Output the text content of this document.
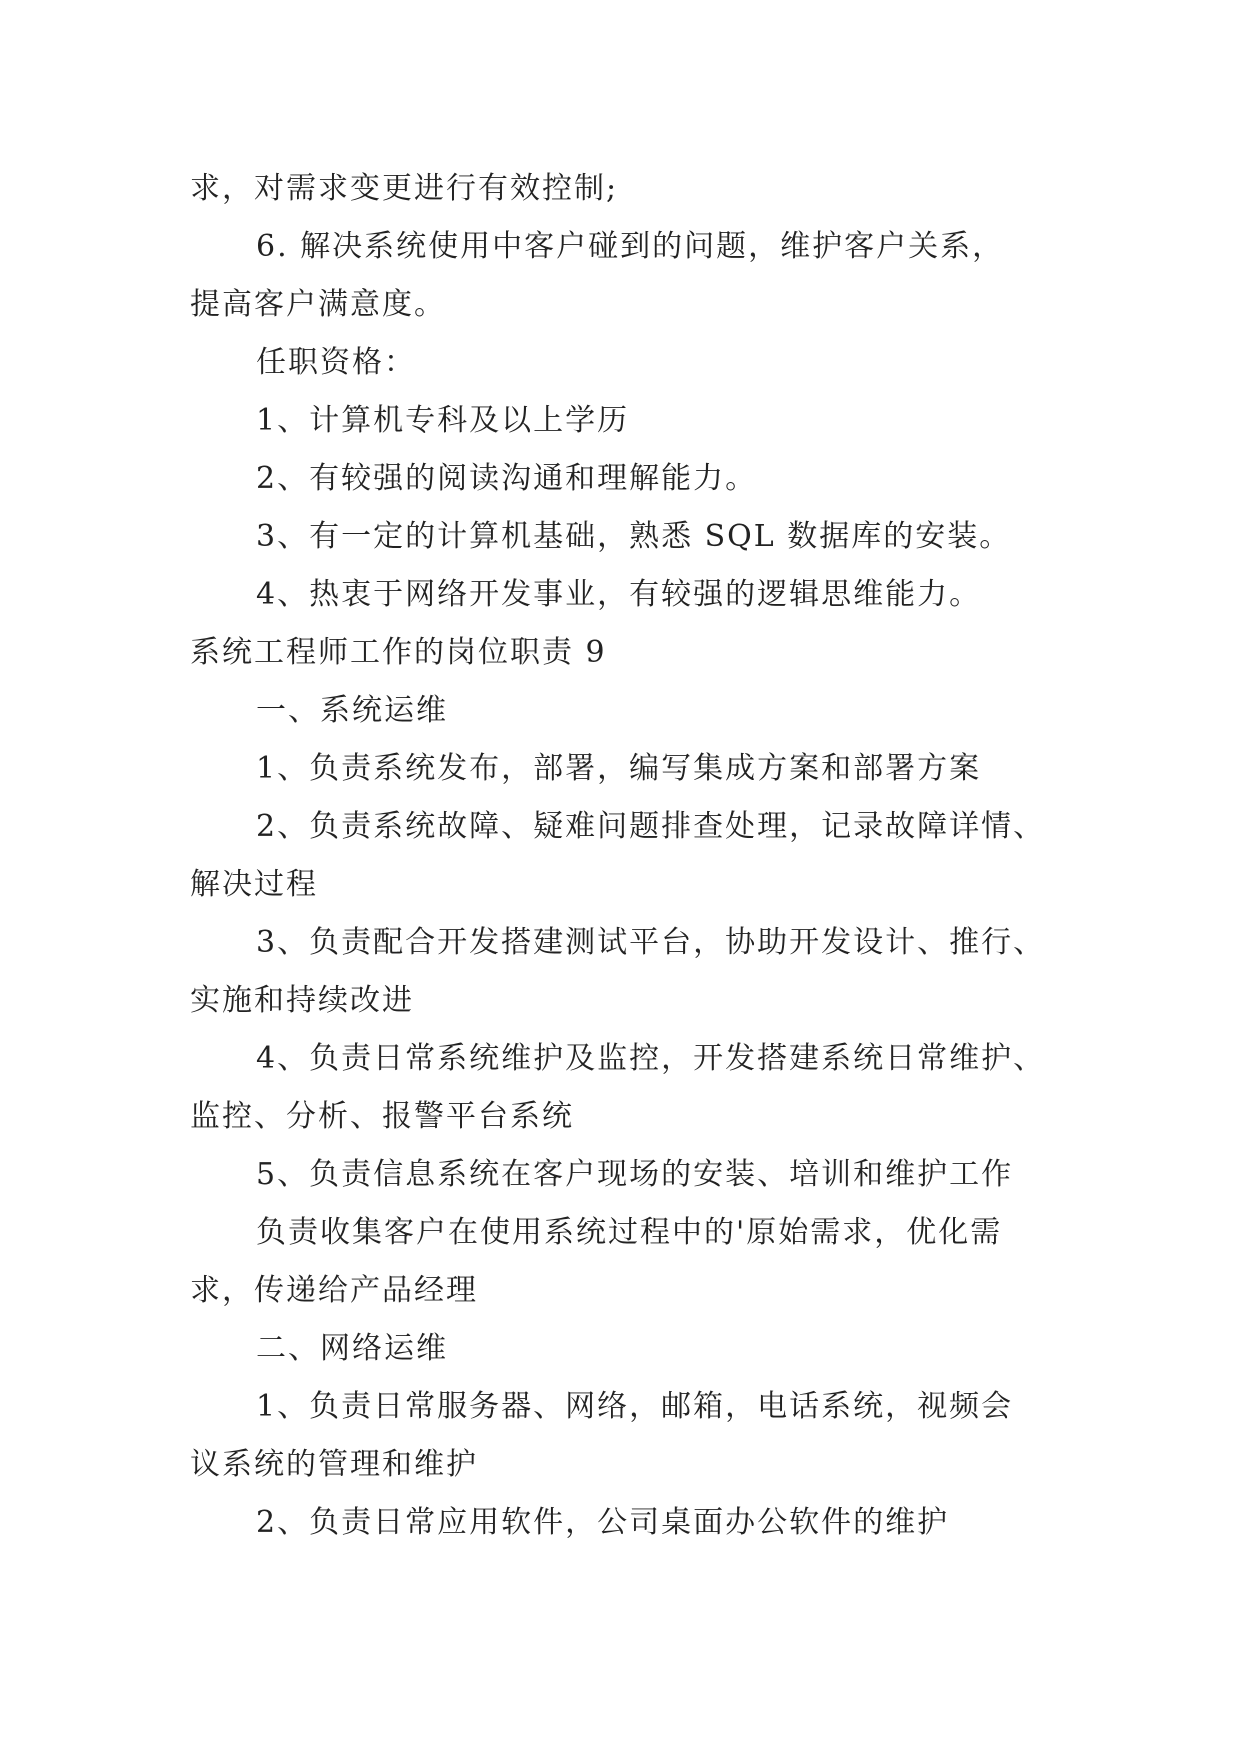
求，对需求变更进行有效控制;

6. 解决系统使用中客户碰到的问题，维护客户关系，

提高客户满意度。

任职资格：

1、计算机专科及以上学历

2、有较强的阅读沟通和理解能力。

3、有一定的计算机基础，熟悉 SQL 数据库的安装。

4、热衷于网络开发事业，有较强的逻辑思维能力。

系统工程师工作的岗位职责 9

一、系统运维

1、负责系统发布，部署，编写集成方案和部署方案

2、负责系统故障、疑难问题排查处理，记录故障详情、

解决过程

3、负责配合开发搭建测试平台，协助开发设计、推行、

实施和持续改进

4、负责日常系统维护及监控，开发搭建系统日常维护、

监控、分析、报警平台系统

5、负责信息系统在客户现场的安装、培训和维护工作

负责收集客户在使用系统过程中的'原始需求，优化需

求，传递给产品经理

二、网络运维

1、负责日常服务器、网络，邮箱，电话系统，视频会

议系统的管理和维护

2、负责日常应用软件，公司桌面办公软件的维护
